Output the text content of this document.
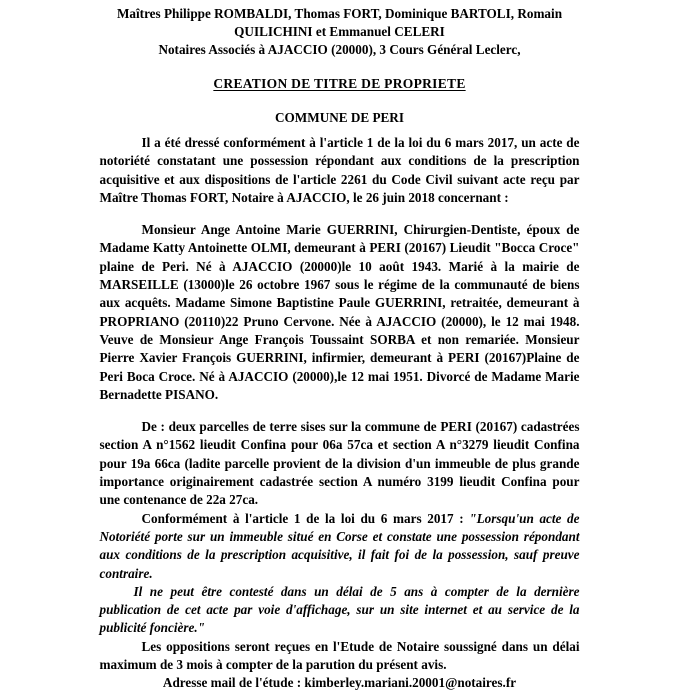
Maîtres Philippe ROMBALDI, Thomas FORT, Dominique BARTOLI, Romain
QUILICHINI et Emmanuel CELERI
Notaires Associés à AJACCIO (20000), 3 Cours Général Leclerc,
CREATION DE TITRE DE PROPRIETE
COMMUNE DE PERI

Il a été dressé conformément à l'article 1 de la loi du 6 mars 2017, un acte de notoriété constatant une possession répondant aux conditions de la prescription acquisitive et aux dispositions de l'article 2261 du Code Civil suivant acte reçu par Maître Thomas FORT, Notaire à AJACCIO, le 26 juin 2018 concernant :

Monsieur Ange Antoine Marie GUERRINI, Chirurgien-Dentiste, époux de Madame Katty Antoinette OLMI, demeurant à PERI (20167) Lieudit "Bocca Croce" plaine de Peri. Né à AJACCIO (20000)le 10 août 1943. Marié à la mairie de MARSEILLE (13000)le 26 octobre 1967 sous le régime de la communauté de biens aux acquêts. Madame Simone Baptistine Paule GUERRINI, retraitée, demeurant à PROPRIANO (20110)22 Pruno Cervone. Née à AJACCIO (20000), le 12 mai 1948. Veuve de Monsieur Ange François Toussaint SORBA et non remariée. Monsieur Pierre Xavier François GUERRINI, infirmier, demeurant à PERI (20167)Plaine de Peri Boca Croce. Né à AJACCIO (20000),le 12 mai 1951. Divorcé de Madame Marie Bernadette PISANO.

De : deux parcelles de terre sises sur la commune de PERI (20167) cadastrées section A n°1562 lieudit Confina pour 06a 57ca et section A n°3279 lieudit Confina pour 19a 66ca (ladite parcelle provient de la division d'un immeuble de plus grande importance originairement cadastrée section A numéro 3199 lieudit Confina pour une contenance de 22a 27ca.

Conformément à l'article 1 de la loi du 6 mars 2017 : "Lorsqu'un acte de Notoriété porte sur un immeuble situé en Corse et constate une possession répondant aux conditions de la prescription acquisitive, il fait foi de la possession, sauf preuve contraire.

Il ne peut être contesté dans un délai de 5 ans à compter de la dernière publication de cet acte par voie d'affichage, sur un site internet et au service de la publicité foncière."

Les oppositions seront reçues en l'Etude de Notaire soussigné dans un délai maximum de 3 mois à compter de la parution du présent avis.

Adresse mail de l'étude : kimberley.mariani.20001@notaires.fr
